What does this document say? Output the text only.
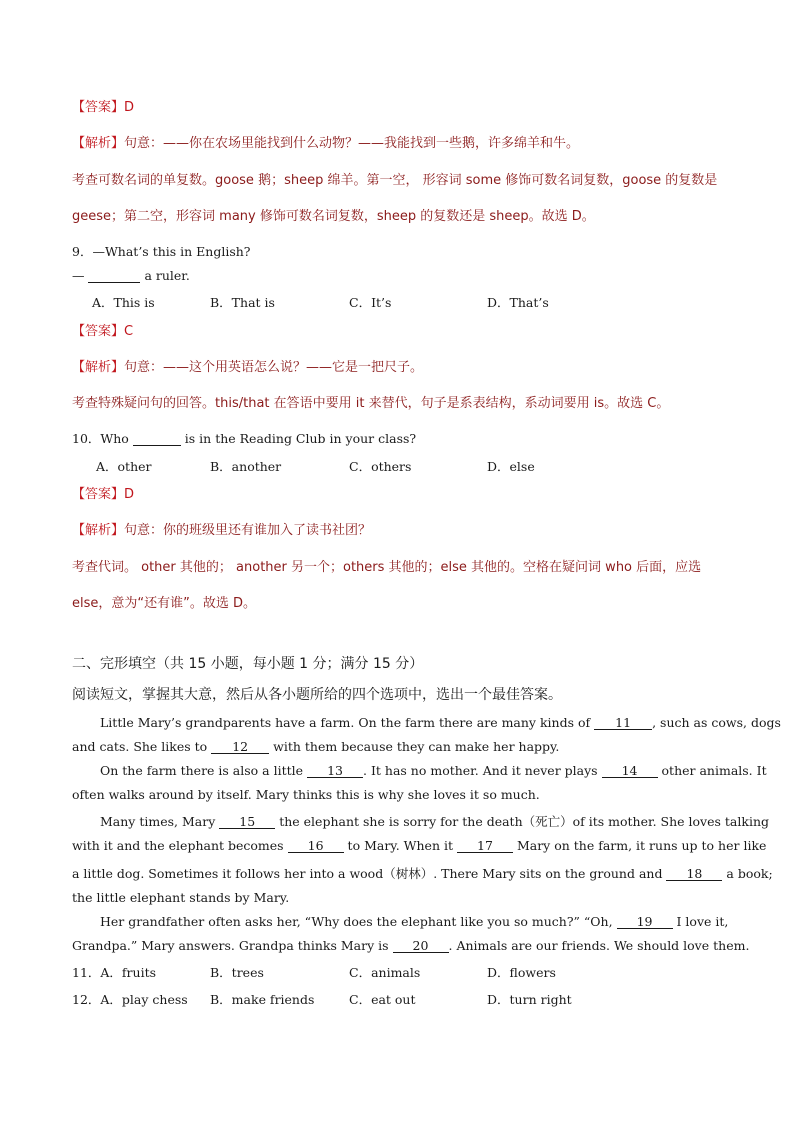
【答案】D
【解析】句意：——你在农场里能找到什么动物？——我能找到一些鹅，许多绵羊和牛。
考查可数名词的单复数。goose 鹅；sheep 绵羊。第一空， 形容词 some 修饰可数名词复数，goose 的复数是
geese；第二空，形容词 many 修饰可数名词复数，sheep 的复数还是 sheep。故选 D。
9．—What’s this in English?
—	a ruler.
A．This is	B．That is	C．It’s	D．That’s
【答案】C
【解析】句意：——这个用英语怎么说？——它是一把尺子。
考查特殊疑问句的回答。this/that 在答语中要用 it 来替代，句子是系表结构，系动词要用 is。故选 C。
10．Who	is in the Reading Club in your class?
A．other	B．another	C．others	D．else
【答案】D
【解析】句意：你的班级里还有谁加入了读书社团？
考查代词。 other 其他的； another 另一个；others 其他的；else 其他的。空格在疑问词 who 后面，应选
else，意为“还有谁”。故选 D。
二、完形填空（共 15 小题，每小题 1 分；满分 15 分）
阅读短文，掌握其大意，然后从各小题所给的四个选项中，选出一个最佳答案。
Little Mary’s grandparents have a farm. On the farm there are many kinds of 11 , such as cows, dogs
and cats. She likes to 12 with them because they can make her happy.
On the farm there is also a little 13 . It has no mother. And it never plays 14 other animals. It
often walks around by itself. Mary thinks this is why she loves it so much.
Many times, Mary 15 the elephant she is sorry for the death（死亡）of its mother. She loves talking
with it and the elephant becomes 16 to Mary. When it 17 Mary on the farm, it runs up to her like
a little dog. Sometimes it follows her into a wood（树林）. There Mary sits on the ground and 18 a book;
the little elephant stands by Mary.
Her grandfather often asks her, “Why does the elephant like you so much?” “Oh, 19 I love it,
Grandpa.” Mary answers. Grandpa thinks Mary is 20 . Animals are our friends. We should love them.
11．A．fruits	B．trees	C．animals	D．flowers
12．A．play chess B．make friends	C．eat out	D．turn right
